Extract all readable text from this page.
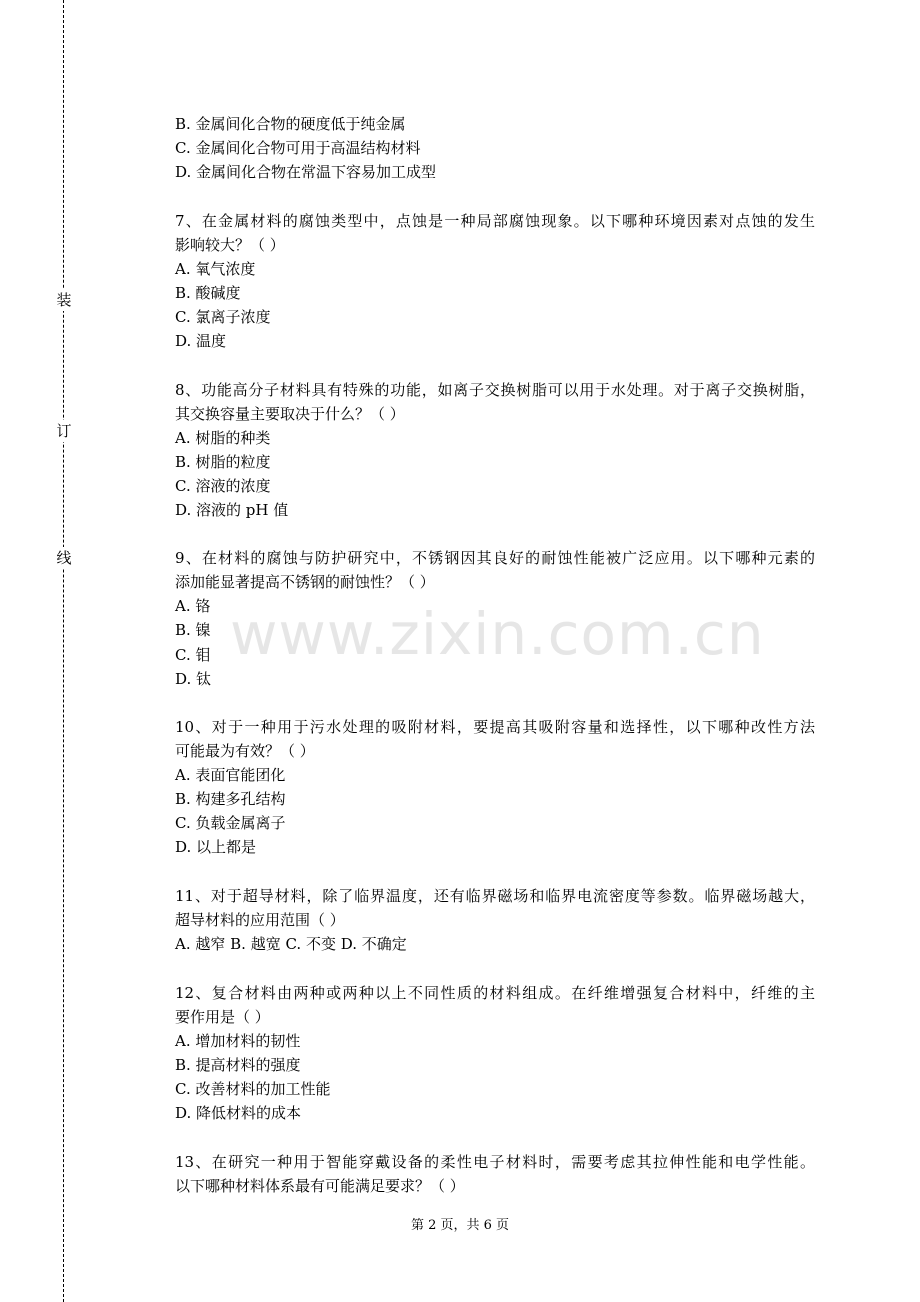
装
订
线
www.zixin.com.cn
B. 金属间化合物的硬度低于纯金属
C. 金属间化合物可用于高温结构材料
D. 金属间化合物在常温下容易加工成型
7、在金属材料的腐蚀类型中，点蚀是一种局部腐蚀现象。以下哪种环境因素对点蚀的发生
影响较大？（ ）
A. 氧气浓度
B. 酸碱度
C. 氯离子浓度
D. 温度
8、功能高分子材料具有特殊的功能，如离子交换树脂可以用于水处理。对于离子交换树脂，
其交换容量主要取决于什么？（ ）
A. 树脂的种类
B. 树脂的粒度
C. 溶液的浓度
D. 溶液的 pH 值
9、在材料的腐蚀与防护研究中，不锈钢因其良好的耐蚀性能被广泛应用。以下哪种元素的
添加能显著提高不锈钢的耐蚀性？（ ）
A. 铬
B. 镍
C. 钼
D. 钛
10、对于一种用于污水处理的吸附材料，要提高其吸附容量和选择性，以下哪种改性方法
可能最为有效？（ ）
A. 表面官能团化
B. 构建多孔结构
C. 负载金属离子
D. 以上都是
11、对于超导材料，除了临界温度，还有临界磁场和临界电流密度等参数。临界磁场越大，
超导材料的应用范围（ ）
A. 越窄 B. 越宽 C. 不变 D. 不确定
12、复合材料由两种或两种以上不同性质的材料组成。在纤维增强复合材料中，纤维的主
要作用是（ ）
A. 增加材料的韧性
B. 提高材料的强度
C. 改善材料的加工性能
D. 降低材料的成本
13、在研究一种用于智能穿戴设备的柔性电子材料时，需要考虑其拉伸性能和电学性能。
以下哪种材料体系最有可能满足要求？（ ）
第 2 页，共 6 页
